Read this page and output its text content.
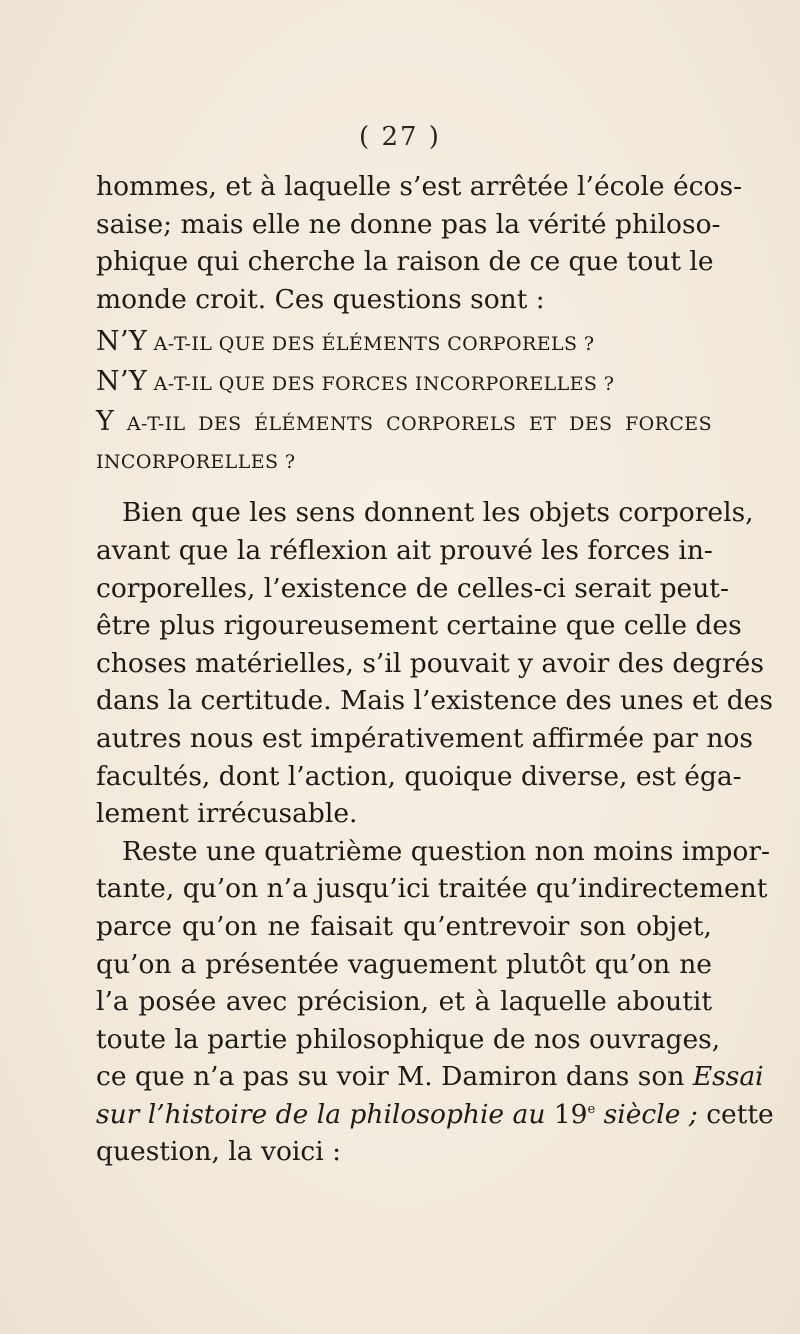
( 27 )
hommes, et à laquelle s’est arrêtée l’école écos-
saise; mais elle ne donne pas la vérité philoso-
phique qui cherche la raison de ce que tout le
monde croit. Ces questions sont :
N’Y A-T-IL QUE DES ÉLÉMENTS CORPORELS ?
N’Y A-T-IL QUE DES FORCES INCORPORELLES ?
Y A-T-IL DES ÉLÉMENTS CORPORELS ET DES FORCES
INCORPORELLES ?
Bien que les sens donnent les objets corporels,
avant que la réflexion ait prouvé les forces in-
corporelles, l’existence de celles-ci serait peut-
être plus rigoureusement certaine que celle des
choses matérielles, s’il pouvait y avoir des degrés
dans la certitude. Mais l’existence des unes et des
autres nous est impérativement affirmée par nos
facultés, dont l’action, quoique diverse, est éga-
lement irrécusable.
Reste une quatrième question non moins impor-
tante, qu’on n’a jusqu’ici traitée qu’indirectement
parce qu’on ne faisait qu’entrevoir son objet,
qu’on a présentée vaguement plutôt qu’on ne
l’a posée avec précision, et à laquelle aboutit
toute la partie philosophique de nos ouvrages,
ce que n’a pas su voir M. Damiron dans son Essai
sur l’histoire de la philosophie au 19e siècle ; cette
question, la voici :
